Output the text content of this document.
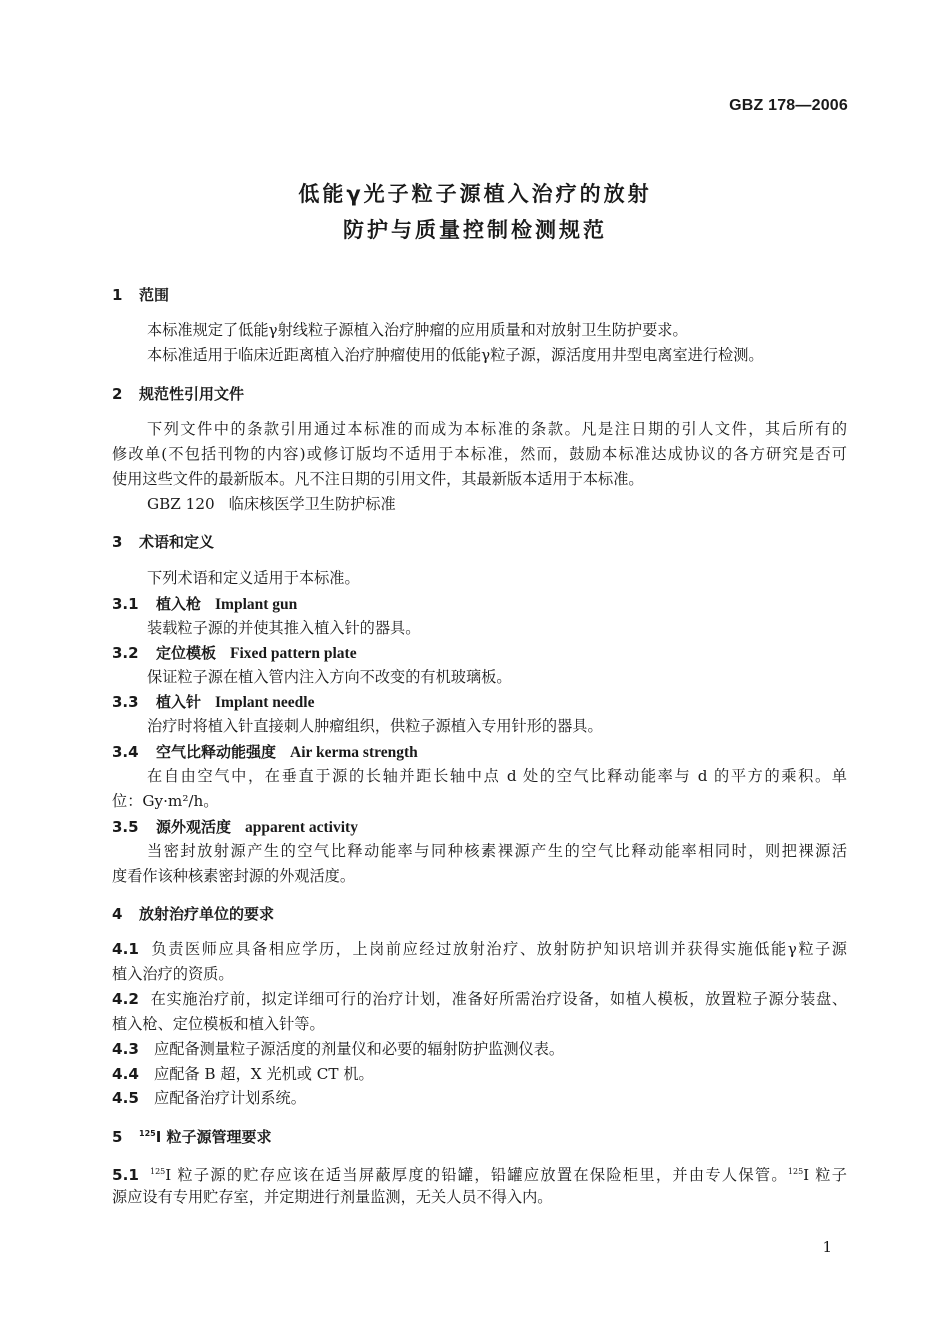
GBZ 178—2006
低能γ光子粒子源植入治疗的放射
防护与质量控制检测规范
1 范围
本标准规定了低能γ射线粒子源植入治疗肿瘤的应用质量和对放射卫生防护要求。
本标准适用于临床近距离植入治疗肿瘤使用的低能γ粒子源，源活度用井型电离室进行检测。
2 规范性引用文件
下列文件中的条款引用通过本标准的而成为本标准的条款。凡是注日期的引人文件，其后所有的
修改单(不包括刊物的内容)或修订版均不适用于本标准，然而，鼓励本标准达成协议的各方研究是否可
使用这些文件的最新版本。凡不注日期的引用文件，其最新版本适用于本标准。
GBZ 120 临床核医学卫生防护标准
3 术语和定义
下列术语和定义适用于本标准。
3.1 植入枪 Implant gun
装载粒子源的并使其推入植入针的器具。
3.2 定位模板 Fixed pattern plate
保证粒子源在植入管内注入方向不改变的有机玻璃板。
3.3 植入针 Implant needle
治疗时将植入针直接刺人肿瘤组织，供粒子源植入专用针形的器具。
3.4 空气比释动能强度 Air kerma strength
在自由空气中，在垂直于源的长轴并距长轴中点 d 处的空气比释动能率与 d 的平方的乘积。单
位：Gy·m²/h。
3.5 源外观活度 apparent activity
当密封放射源产生的空气比释动能率与同种核素裸源产生的空气比释动能率相同时，则把裸源活
度看作该种核素密封源的外观活度。
4 放射治疗单位的要求
4.1 负责医师应具备相应学历，上岗前应经过放射治疗、放射防护知识培训并获得实施低能γ粒子源
植入治疗的资质。
4.2 在实施治疗前，拟定详细可行的治疗计划，准备好所需治疗设备，如植人模板，放置粒子源分装盘、
植入枪、定位模板和植入针等。
4.3 应配备测量粒子源活度的剂量仪和必要的辐射防护监测仪表。
4.4 应配备 B 超，X 光机或 CT 机。
4.5 应配备治疗计划系统。
5 $^{125}$I 粒子源管理要求
5.1 $^{125}$I 粒子源的贮存应该在适当屏蔽厚度的铅罐，铅罐应放置在保险柜里，并由专人保管。$^{125}$I 粒子
源应设有专用贮存室，并定期进行剂量监测，无关人员不得入内。
1
